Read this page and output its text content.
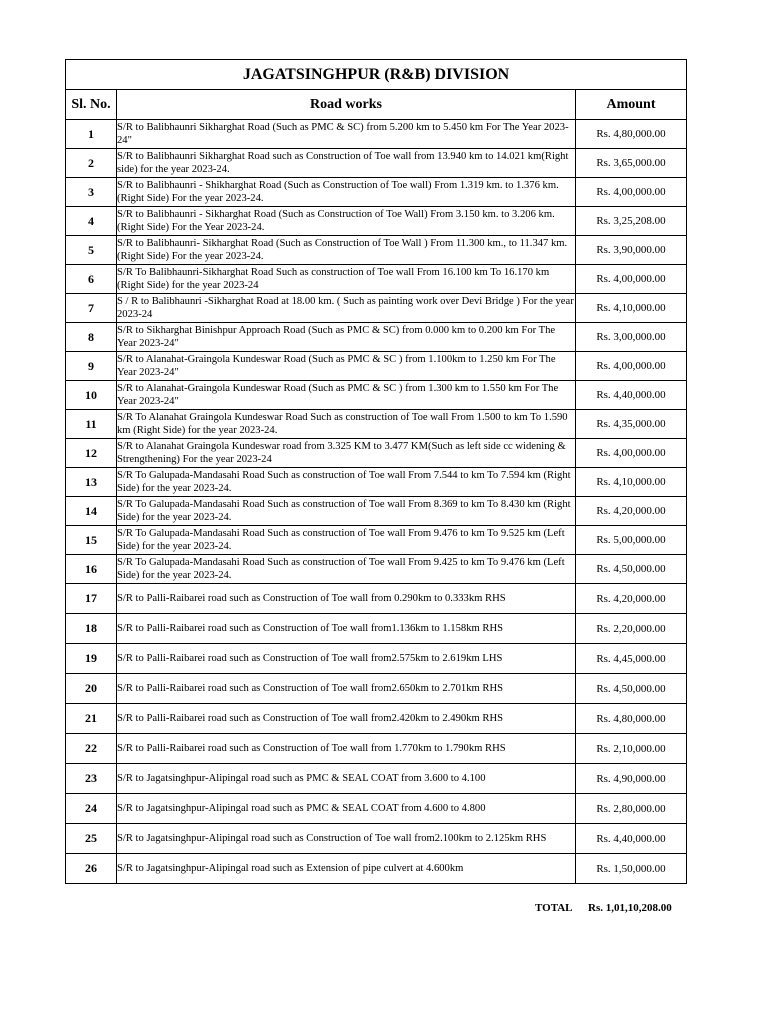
JAGATSINGHPUR (R&B) DIVISION		
Sl. No.	Road works	Amount
1	S/R to Balibhaunri Sikharghat Road (Such as PMC & SC) from 5.200 km to 5.450 km For The Year 2023-24"	Rs. 4,80,000.00
2	S/R to Balibhaunri Sikharghat Road such as Construction of Toe wall from 13.940 km to 14.021 km(Right side) for the year 2023-24.	Rs. 3,65,000.00
3	S/R to Balibhaunri - Shikharghat Road (Such as Construction of Toe wall) From 1.319 km. to 1.376 km. (Right Side) For the year 2023-24.	Rs. 4,00,000.00
4	S/R to Balibhaunri - Sikharghat Road (Such as Construction of Toe Wall) From 3.150 km. to 3.206 km. (Right Side) For the Year 2023-24.	Rs. 3,25,208.00
5	S/R to Balibhaunri- Sikharghat Road (Such as Construction of Toe Wall ) From 11.300 km., to 11.347 km. (Right Side) For the year 2023-24.	Rs. 3,90,000.00
6	S/R To Balibhaunri-Sikharghat Road Such as construction of Toe wall From 16.100 km To 16.170 km (Right Side) for the year 2023-24	Rs. 4,00,000.00
7	S / R to Balibhaunri -Sikharghat Road at 18.00 km. ( Such as painting work over Devi Bridge ) For the year 2023-24	Rs. 4,10,000.00
8	S/R to Sikharghat Binishpur Approach Road (Such as PMC & SC) from 0.000 km to 0.200 km For The Year 2023-24"	Rs. 3,00,000.00
9	S/R to Alanahat-Graingola Kundeswar Road (Such as PMC & SC ) from 1.100km to 1.250 km For The Year 2023-24"	Rs. 4,00,000.00
10	S/R to Alanahat-Graingola Kundeswar Road (Such as PMC & SC ) from 1.300 km to 1.550 km For The Year 2023-24"	Rs. 4,40,000.00
11	S/R To Alanahat Graingola Kundeswar Road Such as construction of Toe wall From 1.500 to km To 1.590 km (Right Side) for the year 2023-24.	Rs. 4,35,000.00
12	S/R to Alanahat Graingola Kundeswar road from 3.325 KM to 3.477 KM(Such as left side cc widening & Strengthening) For the year 2023-24	Rs. 4,00,000.00
13	S/R To Galupada-Mandasahi Road Such as construction of Toe wall From 7.544 to km To 7.594 km (Right Side) for the year 2023-24.	Rs. 4,10,000.00
14	S/R To Galupada-Mandasahi Road Such as construction of Toe wall From 8.369 to km To 8.430 km (Right Side) for the year 2023-24.	Rs. 4,20,000.00
15	S/R To Galupada-Mandasahi Road Such as construction of Toe wall From 9.476 to km To 9.525 km (Left Side) for the year 2023-24.	Rs. 5,00,000.00
16	S/R To Galupada-Mandasahi Road Such as construction of Toe wall From 9.425 to km To 9.476 km (Left Side) for the year 2023-24.	Rs. 4,50,000.00
17	S/R to Palli-Raibarei road such as Construction of Toe wall from 0.290km to 0.333km RHS	Rs. 4,20,000.00
18	S/R to Palli-Raibarei road such as Construction of Toe wall from1.136km to 1.158km RHS	Rs. 2,20,000.00
19	S/R to Palli-Raibarei road such as Construction of Toe wall from2.575km to 2.619km LHS	Rs. 4,45,000.00
20	S/R to Palli-Raibarei road such as Construction of Toe wall from2.650km to 2.701km RHS	Rs. 4,50,000.00
21	S/R to Palli-Raibarei road such as Construction of Toe wall from2.420km to 2.490km RHS	Rs. 4,80,000.00
22	S/R to Palli-Raibarei road such as Construction of Toe wall from 1.770km to 1.790km RHS	Rs. 2,10,000.00
23	S/R to Jagatsinghpur-Alipingal road such as PMC & SEAL COAT from 3.600 to 4.100	Rs. 4,90,000.00
24	S/R to Jagatsinghpur-Alipingal road such as PMC & SEAL COAT from 4.600 to 4.800	Rs. 2,80,000.00
25	S/R to Jagatsinghpur-Alipingal road such as Construction of Toe wall from2.100km to 2.125km RHS	Rs. 4,40,000.00
26	S/R to Jagatsinghpur-Alipingal road such as Extension of pipe culvert at 4.600km	Rs. 1,50,000.00
TOTAL Rs. 1,01,10,208.00
